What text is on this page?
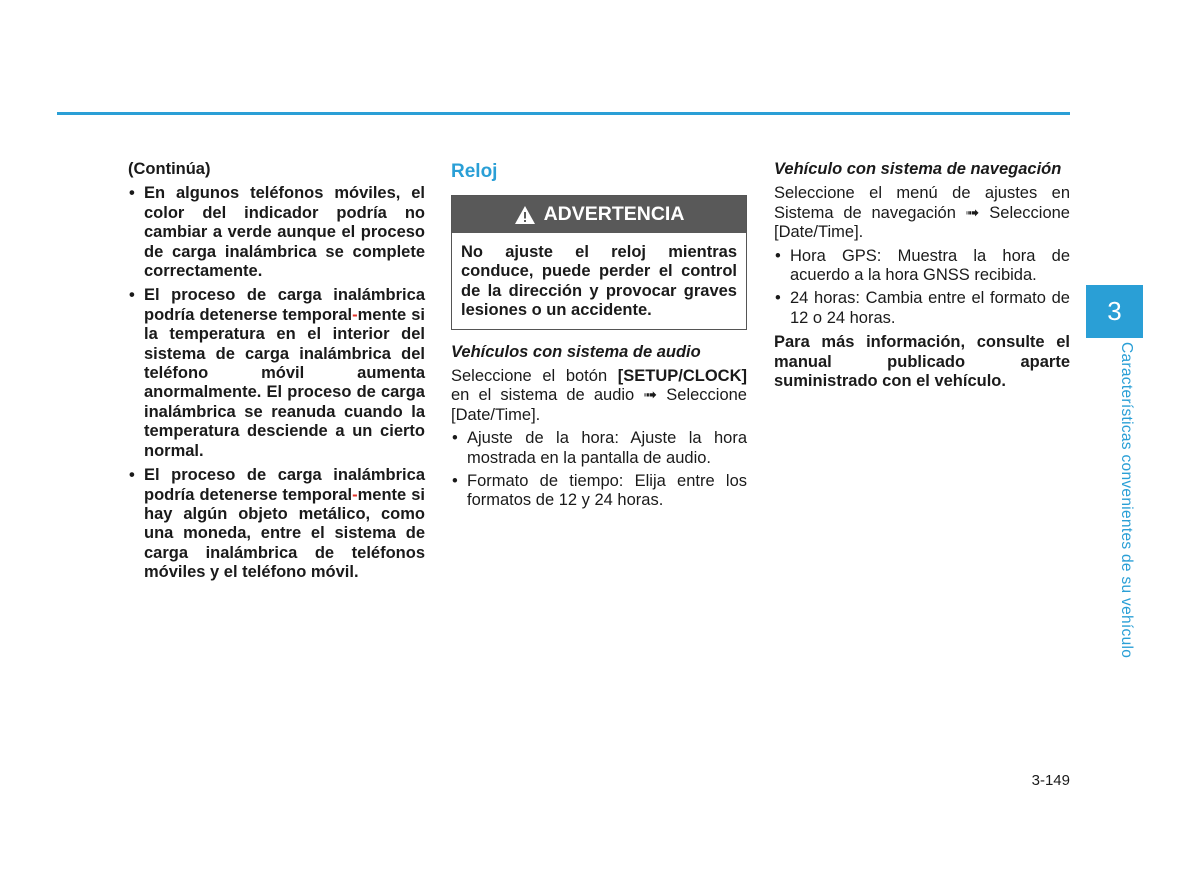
(Continúa)

• En algunos teléfonos móviles, el color del indicador podría no cambiar a verde aunque el proceso de carga inalámbrica se complete correctamente.
• El proceso de carga inalámbrica podría detenerse temporal-mente si la temperatura en el interior del sistema de carga inalámbrica del teléfono móvil aumenta anormalmente. El proceso de carga inalámbrica se reanuda cuando la temperatura desciende a un cierto normal.
• El proceso de carga inalámbrica podría detenerse temporal-mente si hay algún objeto metálico, como una moneda, entre el sistema de carga inalámbrica de teléfonos móviles y el teléfono móvil.

Reloj

ADVERTENCIA
No ajuste el reloj mientras conduce, puede perder el control de la dirección y provocar graves lesiones o un accidente.

Vehículos con sistema de audio

Seleccione el botón [SETUP/CLOCK] en el sistema de audio ➟ Seleccione [Date/Time].

• Ajuste de la hora: Ajuste la hora mostrada en la pantalla de audio.
• Formato de tiempo: Elija entre los formatos de 12 y 24 horas.

Vehículo con sistema de navegación

Seleccione el menú de ajustes en Sistema de navegación ➟ Seleccione [Date/Time].

• Hora GPS: Muestra la hora de acuerdo a la hora GNSS recibida.
• 24 horas: Cambia entre el formato de 12 o 24 horas.

Para más información, consulte el manual publicado aparte suministrado con el vehículo.

3
Características convenientes de su vehículo
3-149
